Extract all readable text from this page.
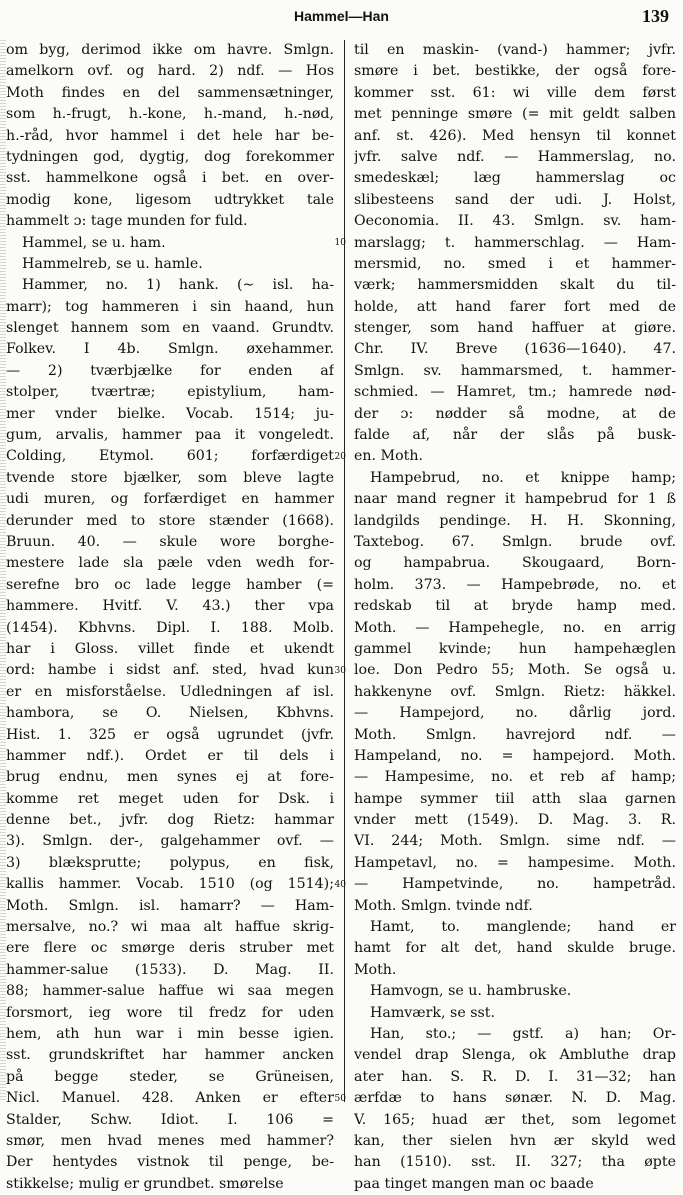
Hammel—Han	139
om byg, derimod ikke om havre. Smlgn.
amelkorn ovf. og hard. 2) ndf. — Hos
Moth findes en del sammensætninger,
som h.-frugt, h.-kone, h.-mand, h.-nød,
h.-råd, hvor hammel i det hele har be-
tydningen god, dygtig, dog forekommer
sst. hammelkone også i bet. en over-
modig kone, ligesom udtrykket tale
hammelt ɔ: tage munden for fuld.
Hammel, se u. ham.
Hammelreb, se u. hamle.
Hammer, no. 1) hank. (∼ isl. ha-
marr); tog hammeren i sin haand, hun
slenget hannem som en vaand. Grundtv.
Folkev. I 4b. Smlgn. øxehammer.
— 2) tværbjælke for enden af
stolper, tværtræ; epistylium, ham-
mer vnder bielke. Vocab. 1514; ju-
gum, arvalis, hammer paa it vongeledt.
Colding, Etymol. 601; forfærdiget
tvende store bjælker, som bleve lagte
udi muren, og forfærdiget en hammer
derunder med to store stænder (1668).
Bruun. 40. — skule wore borghe-
mestere lade sla pæle vden wedh for-
serefne bro oc lade legge hamber (=
hammere. Hvitf. V. 43.) ther vpa
(1454). Kbhvns. Dipl. I. 188. Molb.
har i Gloss. villet finde et ukendt
ord: hambe i sidst anf. sted, hvad kun
er en misforståelse. Udledningen af isl.
hamborа, se O. Nielsen, Kbhvns.
Hist. 1. 325 er også ugrundet (jvfr.
hammer ndf.). Ordet er til dels i
brug endnu, men synes ej at fore-
komme ret meget uden for Dsk. i
denne bet., jvfr. dog Rietz: hammar
3). Smlgn. der-, galgehammer ovf. —
3) blæksprutte; polypus, en fisk,
kallis hammer. Vocab. 1510 (og 1514);
Moth. Smlgn. isl. hamarr? — Ham-
mersalve, no.? wi maa alt haffue skrig-
ere flere oc smørge deris struber met
hammer-salue (1533). D. Mag. II.
88; hammer-salue haffue wi saa megen
forsmort, ieg wore til fredz for uden
hem, ath hun war i min besse igien.
sst. grundskriftet har hammer ancken
på begge steder, se Grüneisen,
Nicl. Manuel. 428. Anken er efter
Stalder, Schw. Idiot. I. 106 =
smør, men hvad menes med hammer?
Der hentydes vistnok til penge, be-
stikkelse; mulig er grundbet. smørelse
10
20
30
40
50
til en maskin- (vand-) hammer; jvfr.
smøre i bet. bestikke, der også fore-
kommer sst. 61: wi ville dem først
met penninge smøre (= mit geldt salben
anf. st. 426). Med hensyn til konnet
jvfr. salve ndf. — Hammerslag, no.
smedeskæl; læg hammerslag oc
slibesteens sand der udi. J. Holst,
Oeconomia. II. 43. Smlgn. sv. ham-
marslagg; t. hammerschlag. — Ham-
mersmid, no. smed i et hammer-
værk; hammersmidden skalt du til-
holde, att hand farer fort med de
stenger, som hand haffuer at giøre.
Chr. IV. Breve (1636—1640). 47.
Smlgn. sv. hammarsmed, t. hammer-
schmied. — Hamret, tm.; hamrede nød-
der ɔ: nødder så modne, at de
falde af, når der slås på busk-
en. Moth.
Hampebrud, no. et knippe hamp;
naar mand regner it hampebrud for 1 ß
landgilds pendinge. H. H. Skonning,
Taxtebog. 67. Smlgn. brude ovf.
og hampabrua. Skougaard, Born-
holm. 373. — Hampebrøde, no. et
redskab til at bryde hamp med.
Moth. — Hampehegle, no. en arrig
gammel kvinde; hun hampehæglen
loe. Don Pedro 55; Moth. Se også u.
hakkenyne ovf. Smlgn. Rietz: häkkel.
— Hampejord, no. dårlig jord.
Moth. Smlgn. havrejord ndf. —
Hampeland, no. = hampejord. Moth.
— Hampesime, no. et reb af hamp;
hampe symmer tiil atth slaa garnen
vnder mett (1549). D. Mag. 3. R.
VI. 244; Moth. Smlgn. sime ndf. —
Hampetavl, no. = hampesime. Moth.
— Hampetvinde, no. hampetråd.
Moth. Smlgn. tvinde ndf.
Hamt, to. manglende; hand er
hamt for alt det, hand skulde bruge.
Moth.
Hamvogn, se u. hambruske.
Hamværk, se sst.
Han, sto.; — gstf. a) han; Or-
vendel drap Slenga, ok Ambluthe drap
ater han. S. R. D. I. 31—32; han
ærfdæ to hans sønær. N. D. Mag.
V. 165; huad ær thet, som legomet
kan, ther sielen hvn ær skyld wed
han (1510). sst. II. 327; tha øpte
paa tinget mangen man oc baade
